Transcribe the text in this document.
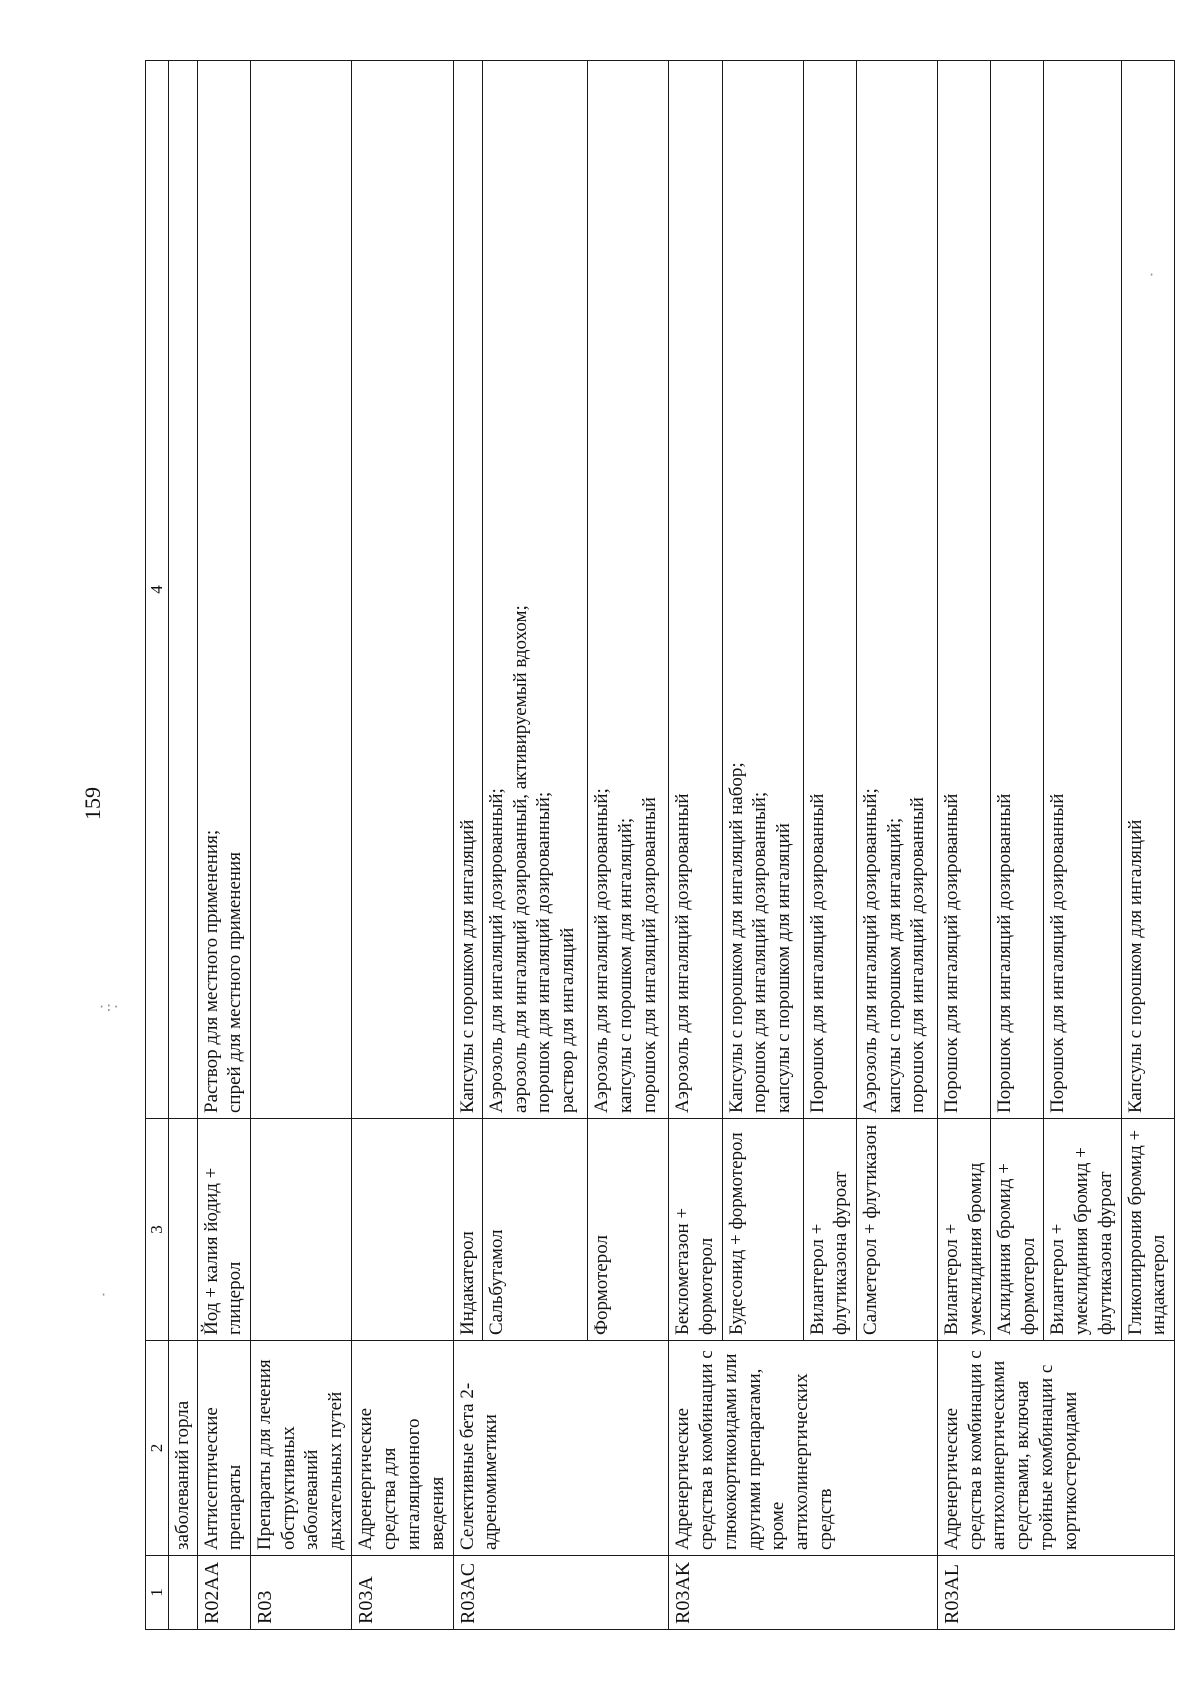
159
·:·
·
·
1	2	3	4
	заболеваний горла		
R02AA	Антисептические препараты	Йод + калия йодид + глицерол	Раствор для местного применения;
спрей для местного применения
R03	Препараты для лечения обструктивных заболеваний дыхательных путей		
R03A	Адренергические средства для ингаляционного введения		
R03AC	Селективные бета 2-адреномиметики	Индакатерол	Капсулы с порошком для ингаляций
		Сальбутамол	Аэрозоль для ингаляций дозированный;
аэрозоль для ингаляций дозированный, активируемый вдохом;
порошок для ингаляций дозированный;
раствор для ингаляций
		Формотерол	Аэрозоль для ингаляций дозированный;
капсулы с порошком для ингаляций;
порошок для ингаляций дозированный
R03AK	Адренергические средства в комбинации с глюкокортикоидами или другими препаратами, кроме антихолинергических средств	Беклометазон + формотерол	Аэрозоль для ингаляций дозированный
		Будесонид + формотерол	Капсулы с порошком для ингаляций набор;
порошок для ингаляций дозированный;
капсулы с порошком для ингаляций
		Вилантерол + флутиказона фуроат	Порошок для ингаляций дозированный
		Салметерол + флутиказон	Аэрозоль для ингаляций дозированный;
капсулы с порошком для ингаляций;
порошок для ингаляций дозированный
R03AL	Адренергические средства в комбинации с антихолинергическими средствами, включая тройные комбинации с кортикостероидами	Вилантерол + умеклидиния бромид	Порошок для ингаляций дозированный
		Аклидиния бромид + формотерол	Порошок для ингаляций дозированный
		Вилантерол + умеклидиния бромид + флутиказона фуроат	Порошок для ингаляций дозированный
		Гликопиррония бромид + индакатерол	Капсулы с порошком для ингаляций
